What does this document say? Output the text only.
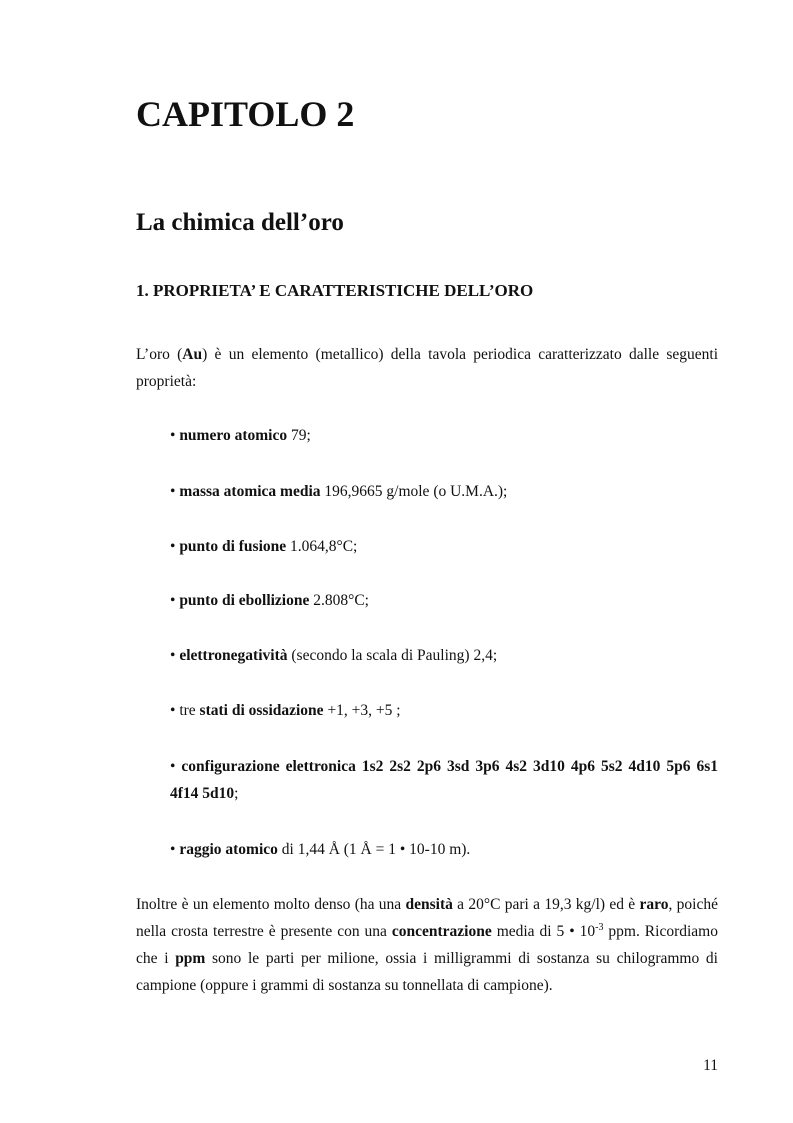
CAPITOLO 2
La chimica dell’oro
1. PROPRIETA’ E CARATTERISTICHE DELL’ORO

L’oro (Au) è un elemento (metallico) della tavola periodica caratterizzato dalle seguenti proprietà:

• numero atomico 79;

• massa atomica media 196,9665 g/mole (o U.M.A.);

• punto di fusione 1.064,8°C;

• punto di ebollizione 2.808°C;

• elettronegatività (secondo la scala di Pauling) 2,4;

• tre stati di ossidazione +1, +3, +5 ;

• configurazione elettronica 1s2 2s2 2p6 3sd 3p6 4s2 3d10 4p6 5s2 4d10 5p6 6s1 4f14 5d10;

• raggio atomico di 1,44 Å (1 Å = 1 • 10-10 m).

Inoltre è un elemento molto denso (ha una densità a 20°C pari a 19,3 kg/l) ed è raro, poiché nella crosta terrestre è presente con una concentrazione media di 5 • $10^{-3}$ ppm. Ricordiamo che i ppm sono le parti per milione, ossia i milligrammi di sostanza su chilogrammo di campione (oppure i grammi di sostanza su tonnellata di campione).

11
